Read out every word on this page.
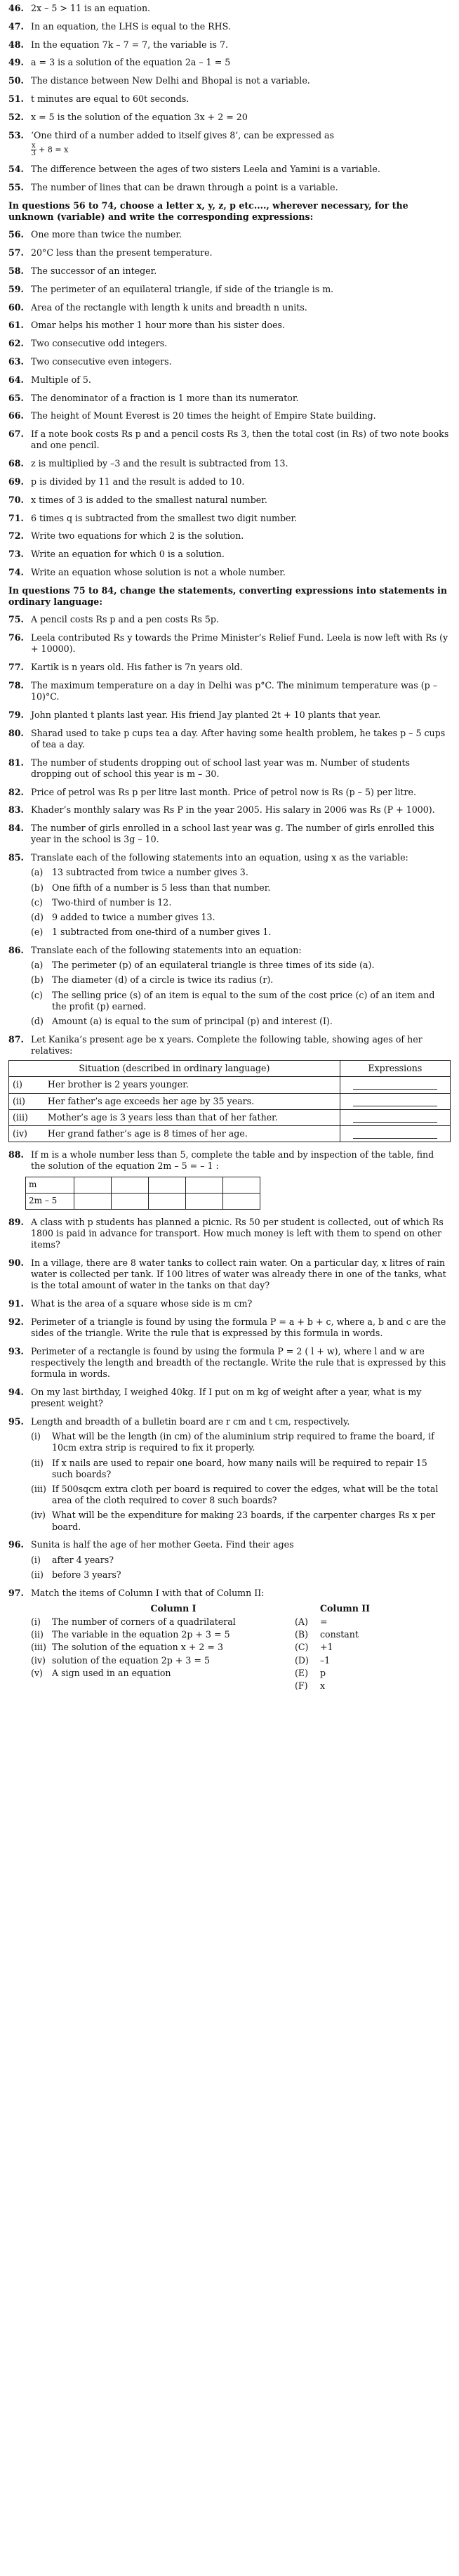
46. 2x – 5 > 11 is an equation.
47. In an equation, the LHS is equal to the RHS.
48. In the equation 7k – 7 = 7, the variable is 7.
49. a = 3 is a solution of the equation 2a – 1 = 5
50. The distance between New Delhi and Bhopal is not a variable.
51. t minutes are equal to 60t seconds.
52. x = 5 is the solution of the equation 3x + 2 = 20
53. ‘One third of a number added to itself gives 8’, can be expressed as
$\frac{x}{3} + 8 = x$
54. The difference between the ages of two sisters Leela and Yamini is a variable.
55. The number of lines that can be drawn through a point is a variable.
In questions 56 to 74, choose a letter x, y, z, p etc...., wherever necessary, for the unknown (variable) and write the corresponding expressions:
56. One more than twice the number.
57. 20°C less than the present temperature.
58. The successor of an integer.
59. The perimeter of an equilateral triangle, if side of the triangle is m.
60. Area of the rectangle with length k units and breadth n units.
61. Omar helps his mother 1 hour more than his sister does.
62. Two consecutive odd integers.
63. Two consecutive even integers.
64. Multiple of 5.
65. The denominator of a fraction is 1 more than its numerator.
66. The height of Mount Everest is 20 times the height of Empire State building.
67. If a note book costs Rs p and a pencil costs Rs 3, then the total cost (in Rs) of two note books and one pencil.
68. z is multiplied by –3 and the result is subtracted from 13.
69. p is divided by 11 and the result is added to 10.
70. x times of 3 is added to the smallest natural number.
71. 6 times q is subtracted from the smallest two digit number.
72. Write two equations for which 2 is the solution.
73. Write an equation for which 0 is a solution.
74. Write an equation whose solution is not a whole number.
In questions 75 to 84, change the statements, converting expressions into statements in ordinary language:
75. A pencil costs Rs p and a pen costs Rs 5p.
76. Leela contributed Rs y towards the Prime Minister’s Relief Fund. Leela is now left with Rs (y + 10000).
77. Kartik is n years old. His father is 7n years old.
78. The maximum temperature on a day in Delhi was p°C. The minimum temperature was (p – 10)°C.
79. John planted t plants last year. His friend Jay planted 2t + 10 plants that year.
80. Sharad used to take p cups tea a day. After having some health problem, he takes p – 5 cups of tea a day.
81. The number of students dropping out of school last year was m. Number of students dropping out of school this year is m – 30.
82. Price of petrol was Rs p per litre last month. Price of petrol now is Rs (p – 5) per litre.
83. Khader’s monthly salary was Rs P in the year 2005. His salary in 2006 was Rs (P + 1000).
84. The number of girls enrolled in a school last year was g. The number of girls enrolled this year in the school is 3g – 10.
85. Translate each of the following statements into an equation, using x as the variable:
(a)	13 subtracted from twice a number gives 3.
(b) One fifth of a number is 5 less than that number.
(c)	Two-third of number is 12.
(d) 9 added to twice a number gives 13.
(e)	1 subtracted from one-third of a number gives 1.
86. Translate each of the following statements into an equation:
(a)	The perimeter (p) of an equilateral triangle is three times of its side (a).
(b) The diameter (d) of a circle is twice its radius (r).
(c)	The selling price (s) of an item is equal to the sum of the cost price (c) of an item and the profit (p) earned.
(d) Amount (a) is equal to the sum of principal (p) and interest (I).
87. Let Kanika’s present age be x years. Complete the following table, showing ages of her relatives:
Situation (described in ordinary language)		Expressions
(i)	Her brother is 2 years younger.	

(ii)	Her father’s age exceeds her age by 35 years.	

(iii)	Mother’s age is 3 years less than that of her father.	

(iv)	Her grand father’s age is 8 times of her age.	
88. If m is a whole number less than 5, complete the table and by inspection of the table, find the solution of the equation 2m – 5 = – 1 :
m					
2m – 5					
89. A class with p students has planned a picnic. Rs 50 per student is collected, out of which Rs 1800 is paid in advance for transport. How much money is left with them to spend on other items?
90. In a village, there are 8 water tanks to collect rain water. On a particular day, x litres of rain water is collected per tank. If 100 litres of water was already there in one of the tanks, what is the total amount of water in the tanks on that day?
91. What is the area of a square whose side is m cm?
92. Perimeter of a triangle is found by using the formula P = a + b + c, where a, b and c are the sides of the triangle. Write the rule that is expressed by this formula in words.
93. Perimeter of a rectangle is found by using the formula P = 2 ( l + w), where l and w are respectively the length and breadth of the rectangle. Write the rule that is expressed by this formula in words.
94. On my last birthday, I weighed 40kg. If I put on m kg of weight after a year, what is my present weight?
95. Length and breadth of a bulletin board are r cm and t cm, respectively.
(i)	What will be the length (in cm) of the aluminium strip required to frame the board, if 10cm extra strip is required to fix it properly.
(ii) If x nails are used to repair one board, how many nails will be required to repair 15 such boards?
(iii) If 500sqcm extra cloth per board is required to cover the edges, what will be the total area of the cloth required to cover 8 such boards?
(iv) What will be the expenditure for making 23 boards, if the carpenter charges Rs x per board.
96. Sunita is half the age of her mother Geeta. Find their ages
(i)	after 4 years?
(ii) before 3 years?
97. Match the items of Column I with that of Column II:
Column I	Column II
(i)	The number of corners of a quadrilateral	(A)	=
(ii) The variable in the equation 2p + 3 = 5	(B)	constant
(iii) The solution of the equation x + 2 = 3	(C)	+1
(iv) solution of the equation 2p + 3 = 5	(D)	–1
(v)	A sign used in an equation	(E)	p
(F)	x
